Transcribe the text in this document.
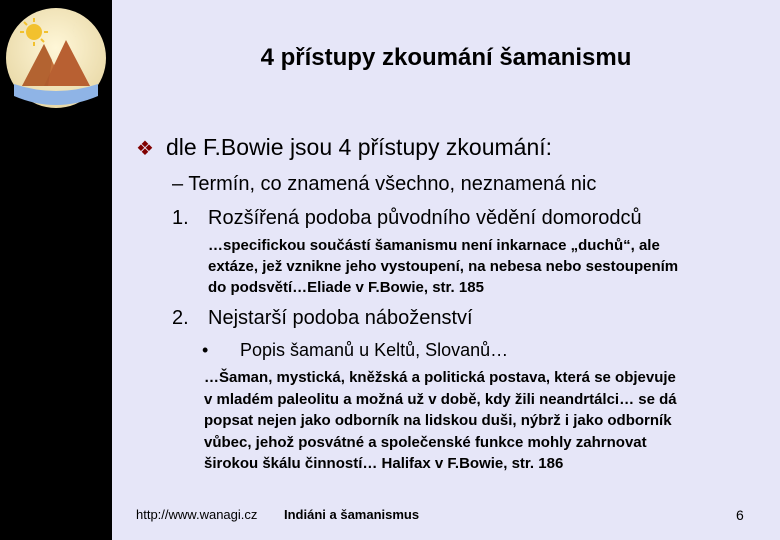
4 přístupy zkoumání šamanismu
❖ dle F.Bowie jsou 4 přístupy zkoumání:
– Termín, co znamená všechno, neznamená nic
1. Rozšířená podoba původního vědění domorodců
…specifickou součástí šamanismu není inkarnace „duchů“, ale
extáze, jež vznikne jeho vystoupení, na nebesa nebo sestoupením
do podsvětí…Eliade v F.Bowie, str. 185
2. Nejstarší podoba náboženství
• Popis šamanů u Keltů, Slovanů…
…Šaman, mystická, kněžská a politická postava, která se objevuje
v mladém paleolitu a možná už v době, kdy žili neandrtálci… se dá
popsat nejen jako odborník na lidskou duši, nýbrž i jako odborník
vůbec, jehož posvátné a společenské funkce mohly zahrnovat
širokou škálu činností… Halifax v F.Bowie, str. 186
http://www.wanagi.cz Indiáni a šamanismus	6
